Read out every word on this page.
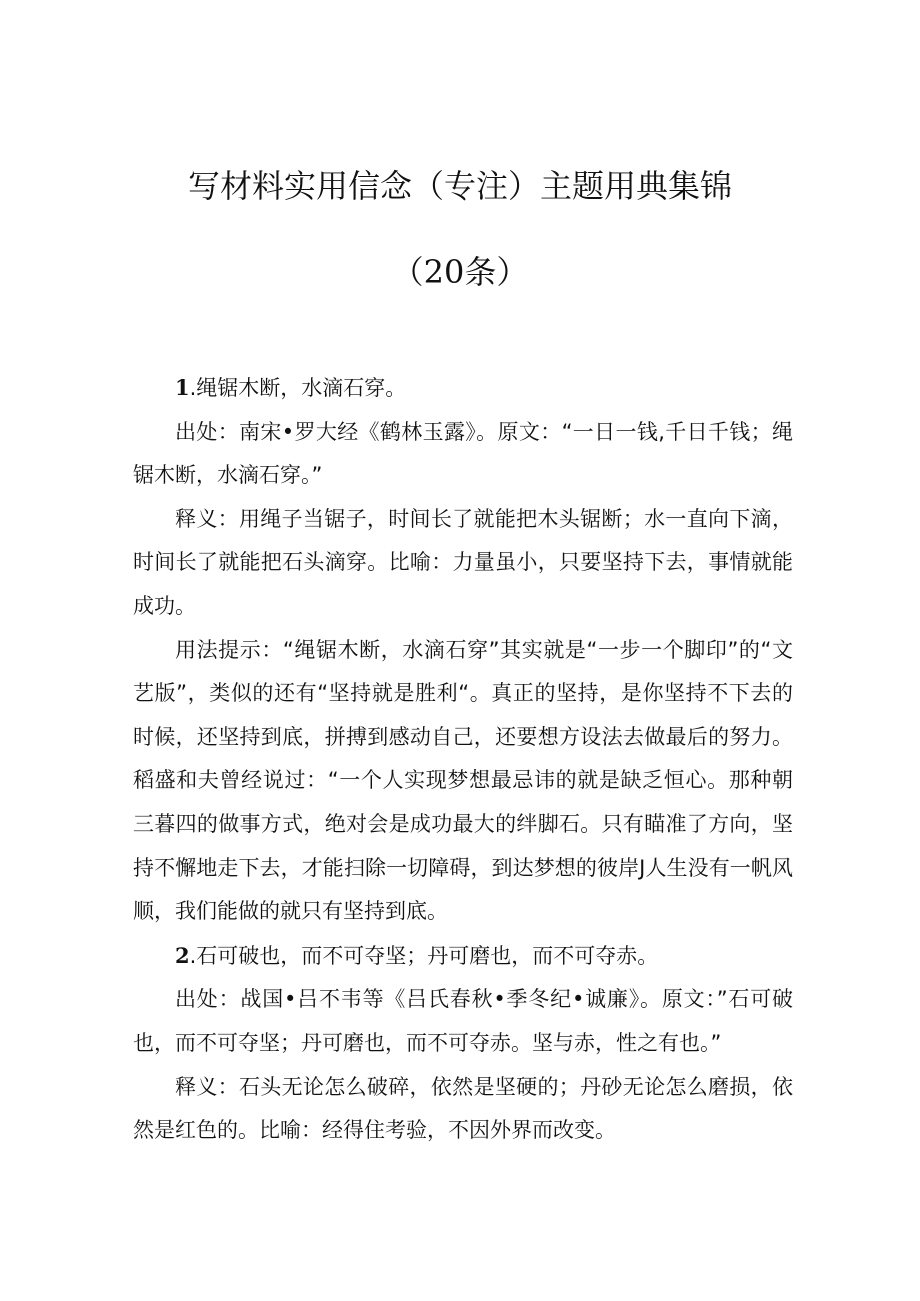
写材料实用信念（专注）主题用典集锦
（20条）

1.绳锯木断，水滴石穿。

出处：南宋•罗大经《鹤林玉露》。原文：“一日一钱,千日千钱；绳锯木断，水滴石穿。”

释义：用绳子当锯子，时间长了就能把木头锯断；水一直向下滴，时间长了就能把石头滴穿。比喻：力量虽小，只要坚持下去，事情就能成功。

用法提示：“绳锯木断，水滴石穿”其实就是“一步一个脚印”的“文艺版”，类似的还有“坚持就是胜利“。真正的坚持，是你坚持不下去的时候，还坚持到底，拼搏到感动自己，还要想方设法去做最后的努力。稻盛和夫曾经说过：“一个人实现梦想最忌讳的就是缺乏恒心。那种朝三暮四的做事方式，绝对会是成功最大的绊脚石。只有瞄准了方向，坚持不懈地走下去，才能扫除一切障碍，到达梦想的彼岸J人生没有一帆风顺，我们能做的就只有坚持到底。

2.石可破也，而不可夺坚；丹可磨也，而不可夺赤。

出处：战国•吕不韦等《吕氏春秋•季冬纪•诚廉》。原文：”石可破也，而不可夺坚；丹可磨也，而不可夺赤。坚与赤，性之有也。”

释义：石头无论怎么破碎，依然是坚硬的；丹砂无论怎么磨损，依然是红色的。比喻：经得住考验，不因外界而改变。
